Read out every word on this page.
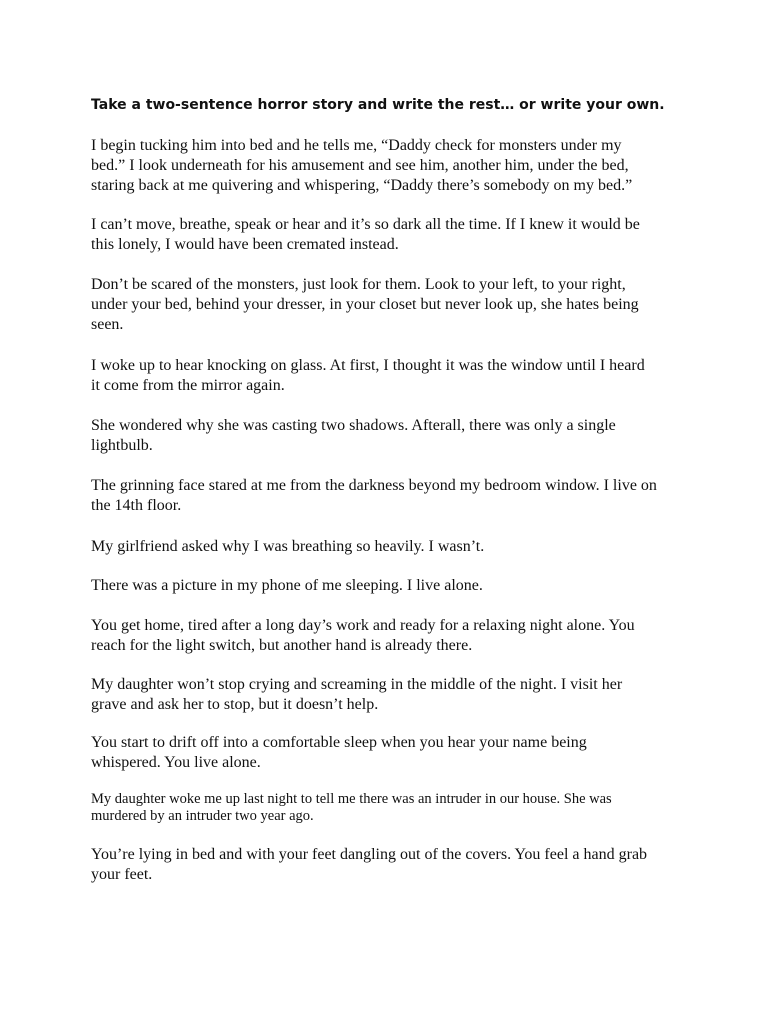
Take a two-sentence horror story and write the rest… or write your own.

I begin tucking him into bed and he tells me, “Daddy check for monsters under my
bed.” I look underneath for his amusement and see him, another him, under the bed,
staring back at me quivering and whispering, “Daddy there’s somebody on my bed.”

I can’t move, breathe, speak or hear and it’s so dark all the time. If I knew it would be
this lonely, I would have been cremated instead.

Don’t be scared of the monsters, just look for them. Look to your left, to your right,
under your bed, behind your dresser, in your closet but never look up, she hates being
seen.

I woke up to hear knocking on glass. At first, I thought it was the window until I heard
it come from the mirror again.

She wondered why she was casting two shadows. Afterall, there was only a single
lightbulb.

The grinning face stared at me from the darkness beyond my bedroom window. I live on
the 14th floor.

My girlfriend asked why I was breathing so heavily. I wasn’t.

There was a picture in my phone of me sleeping. I live alone.

You get home, tired after a long day’s work and ready for a relaxing night alone. You
reach for the light switch, but another hand is already there.

My daughter won’t stop crying and screaming in the middle of the night. I visit her
grave and ask her to stop, but it doesn’t help.

You start to drift off into a comfortable sleep when you hear your name being
whispered. You live alone.

My daughter woke me up last night to tell me there was an intruder in our house. She was
murdered by an intruder two year ago.

You’re lying in bed and with your feet dangling out of the covers. You feel a hand grab
your feet.
